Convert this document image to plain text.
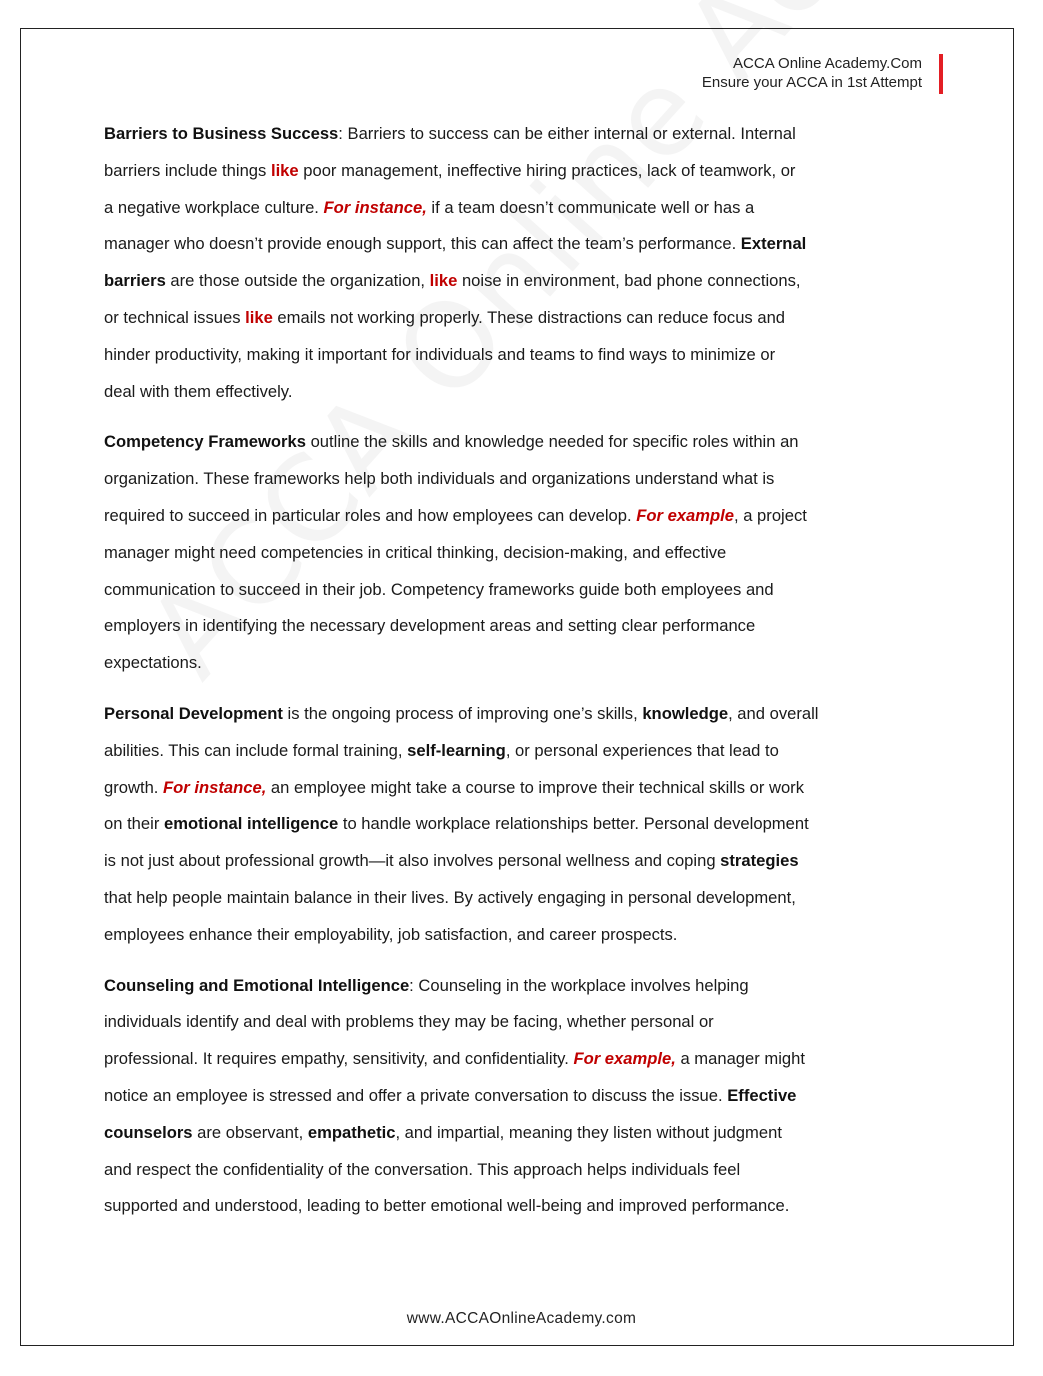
ACCA Online Academy.Com
Ensure your ACCA in 1st Attempt

Barriers to Business Success: Barriers to success can be either internal or external. Internal
barriers include things like poor management, ineffective hiring practices, lack of teamwork, or
a negative workplace culture. For instance, if a team doesn’t communicate well or has a
manager who doesn’t provide enough support, this can affect the team’s performance. External
barriers are those outside the organization, like noise in environment, bad phone connections,
or technical issues like emails not working properly. These distractions can reduce focus and
hinder productivity, making it important for individuals and teams to find ways to minimize or
deal with them effectively.

Competency Frameworks outline the skills and knowledge needed for specific roles within an
organization. These frameworks help both individuals and organizations understand what is
required to succeed in particular roles and how employees can develop. For example, a project
manager might need competencies in critical thinking, decision-making, and effective
communication to succeed in their job. Competency frameworks guide both employees and
employers in identifying the necessary development areas and setting clear performance
expectations.

Personal Development is the ongoing process of improving one’s skills, knowledge, and overall
abilities. This can include formal training, self-learning, or personal experiences that lead to
growth. For instance, an employee might take a course to improve their technical skills or work
on their emotional intelligence to handle workplace relationships better. Personal development
is not just about professional growth—it also involves personal wellness and coping strategies
that help people maintain balance in their lives. By actively engaging in personal development,
employees enhance their employability, job satisfaction, and career prospects.

Counseling and Emotional Intelligence: Counseling in the workplace involves helping
individuals identify and deal with problems they may be facing, whether personal or
professional. It requires empathy, sensitivity, and confidentiality. For example, a manager might
notice an employee is stressed and offer a private conversation to discuss the issue. Effective
counselors are observant, empathetic, and impartial, meaning they listen without judgment
and respect the confidentiality of the conversation. This approach helps individuals feel
supported and understood, leading to better emotional well-being and improved performance.

www.ACCAOnlineAcademy.com
